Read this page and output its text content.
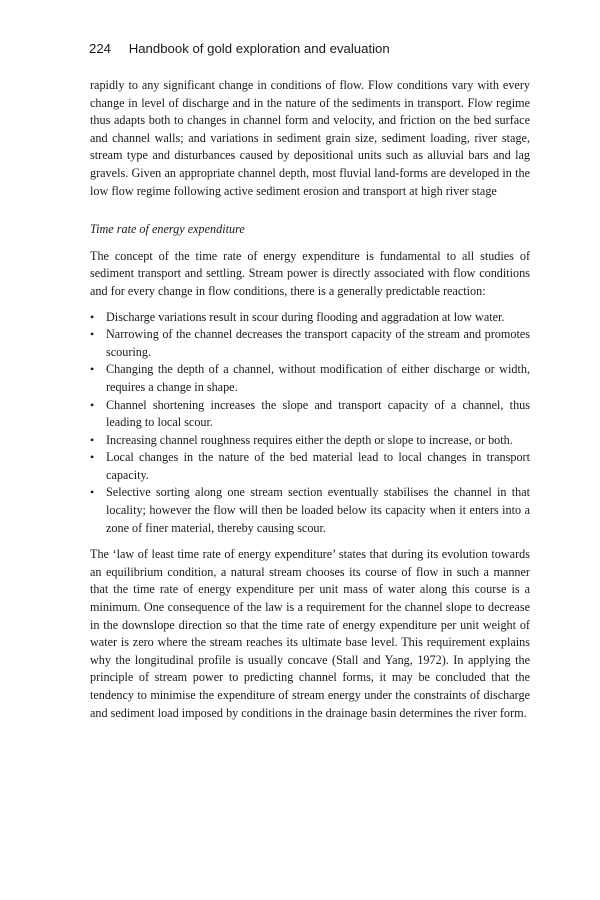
224 Handbook of gold exploration and evaluation

rapidly to any significant change in conditions of flow. Flow conditions vary with every change in level of discharge and in the nature of the sediments in transport. Flow regime thus adapts both to changes in channel form and velocity, and friction on the bed surface and channel walls; and variations in sediment grain size, sediment loading, river stage, stream type and disturbances caused by depositional units such as alluvial bars and lag gravels. Given an appropriate channel depth, most fluvial land-forms are developed in the low flow regime following active sediment erosion and transport at high river stage

Time rate of energy expenditure

The concept of the time rate of energy expenditure is fundamental to all studies of sediment transport and settling. Stream power is directly associated with flow conditions and for every change in flow conditions, there is a generally predictable reaction:

• Discharge variations result in scour during flooding and aggradation at low water.
• Narrowing of the channel decreases the transport capacity of the stream and promotes scouring.
• Changing the depth of a channel, without modification of either discharge or width, requires a change in shape.
• Channel shortening increases the slope and transport capacity of a channel, thus leading to local scour.
• Increasing channel roughness requires either the depth or slope to increase, or both.
• Local changes in the nature of the bed material lead to local changes in transport capacity.
• Selective sorting along one stream section eventually stabilises the channel in that locality; however the flow will then be loaded below its capacity when it enters into a zone of finer material, thereby causing scour.

The ‘law of least time rate of energy expenditure’ states that during its evolution towards an equilibrium condition, a natural stream chooses its course of flow in such a manner that the time rate of energy expenditure per unit mass of water along this course is a minimum. One consequence of the law is a requirement for the channel slope to decrease in the downslope direction so that the time rate of energy expenditure per unit weight of water is zero where the stream reaches its ultimate base level. This requirement explains why the longitudinal profile is usually concave (Stall and Yang, 1972). In applying the principle of stream power to predicting channel forms, it may be concluded that the tendency to minimise the expenditure of stream energy under the constraints of discharge and sediment load imposed by conditions in the drainage basin determines the river form.
